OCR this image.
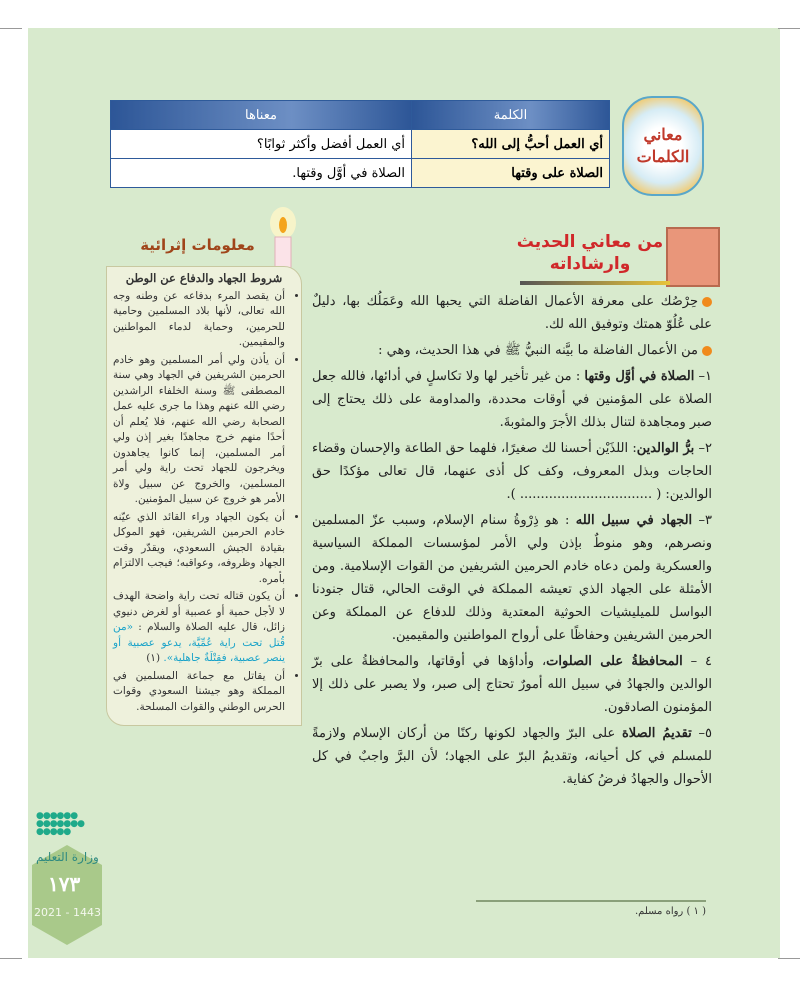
معاني
الكلمات
الكلمة	معناها
أي العمل أحبُّ إلى الله؟	أي العمل أفضل وأكثر ثوابًا؟
الصلاة على وقتها	الصلاة في أوَّل وقتها.
من معاني الحديث
وارشاداته

حِرْصُك على معرفة الأعمال الفاضلة التي يحبها الله وعَمَلُك بها، دليلٌ على عُلُوّ همتك وتوفيق الله لك.

من الأعمال الفاضلة ما بيَّنه النبيُّ ﷺ في هذا الحديث، وهي :

١– الصلاة في أوَّل وقتها : من غير تأخير لها ولا تكاسلٍ في أدائها، فالله جعل الصلاة على المؤمنين في أوقات محددة، والمداومة على ذلك يحتاج إلى صبر ومجاهدة لتنال بذلك الأجرَ والمثوبةَ.

٢– برُّ الوالدين: اللذَيْن أحسنا لك صغيرًا، فلهما حق الطاعة والإحسان وقضاء الحاجات وبذل المعروف، وكف كل أذى عنهما، قال تعالى مؤكدًا حق الوالدين: ( ................................ ).

٣– الجهاد في سبيل الله : هو ذِرْوةُ سنام الإسلام، وسبب عزّ المسلمين ونصرهم، وهو منوطٌ بإذن ولي الأمر لمؤسسات المملكة السياسية والعسكرية ولمن دعاه خادم الحرمين الشريفين من القوات الإسلامية. ومن الأمثلة على الجهاد الذي تعيشه المملكة في الوقت الحالي، قتال جنودنا البواسل للميليشيات الحوثية المعتدية وذلك للدفاع عن المملكة وعن الحرمين الشريفين وحفاظًا على أرواح المواطنين والمقيمين.

٤ – المحافظةُ على الصلوات، وأداؤها في أوقاتها، والمحافظةُ على برّ الوالدين والجهادُ في سبيل الله أمورٌ تحتاج إلى صبر، ولا يصبر على ذلك إلا المؤمنون الصادقون.

٥– تقديمُ الصلاة على البرّ والجهاد لكونها ركنًا من أركان الإسلام ولازمةً للمسلم في كل أحيانه، وتقديمُ البرّ على الجهاد؛ لأن البرَّ واجبٌ في كل الأحوال والجهادُ فرضُ كفاية.

معلومات إثرائية
شروط الجهاد والدفاع عن الوطن
• أن يقصد المرء بدفاعه عن وطنه وجه الله تعالى، لأنها بلاد المسلمين وحامية للحرمين، وحماية لدماء المواطنين والمقيمين.
• أن يأذن ولي أمر المسلمين وهو خادم الحرمين الشريفين في الجهاد وهي سنة المصطفى ﷺ وسنة الخلفاء الراشدين رضي الله عنهم وهذا ما جرى عليه عمل الصحابة رضي الله عنهم، فلا يُعلم أن أحدًا منهم خرج مجاهدًا بغير إذن ولي أمر المسلمين، إنما كانوا يجاهدون ويخرجون للجهاد تحت راية ولي أمر المسلمين، والخروج عن سبيل ولاة الأمر هو خروج عن سبيل المؤمنين.
• أن يكون الجهاد وراء القائد الذي عيّنه خادم الحرمين الشريفين، فهو الموكل بقيادة الجيش السعودي، ويقدّر وقت الجهاد وظروفه، وعواقبه؛ فيجب الالتزام بأمره.
• أن يكون قتاله تحت راية واضحة الهدف لا لأجل حمية أو عصبية أو لغرض دنيوي زائل، قال عليه الصلاة والسلام : «من قُتل تحت راية عُمِّيَّة، يدعو عصبية أو ينصر عصبية، فقِتْلَةٌ جاهلية». (١)
• أن يقاتل مع جماعة المسلمين في المملكة وهو جيشنا السعودي وقوات الحرس الوطني والقوات المسلحة.
( ١ ) رواه مسلم.
وزارة التعليم
١٧٣
2021 - 1443
●●●●●●
●●●●●●●
●●●●●
